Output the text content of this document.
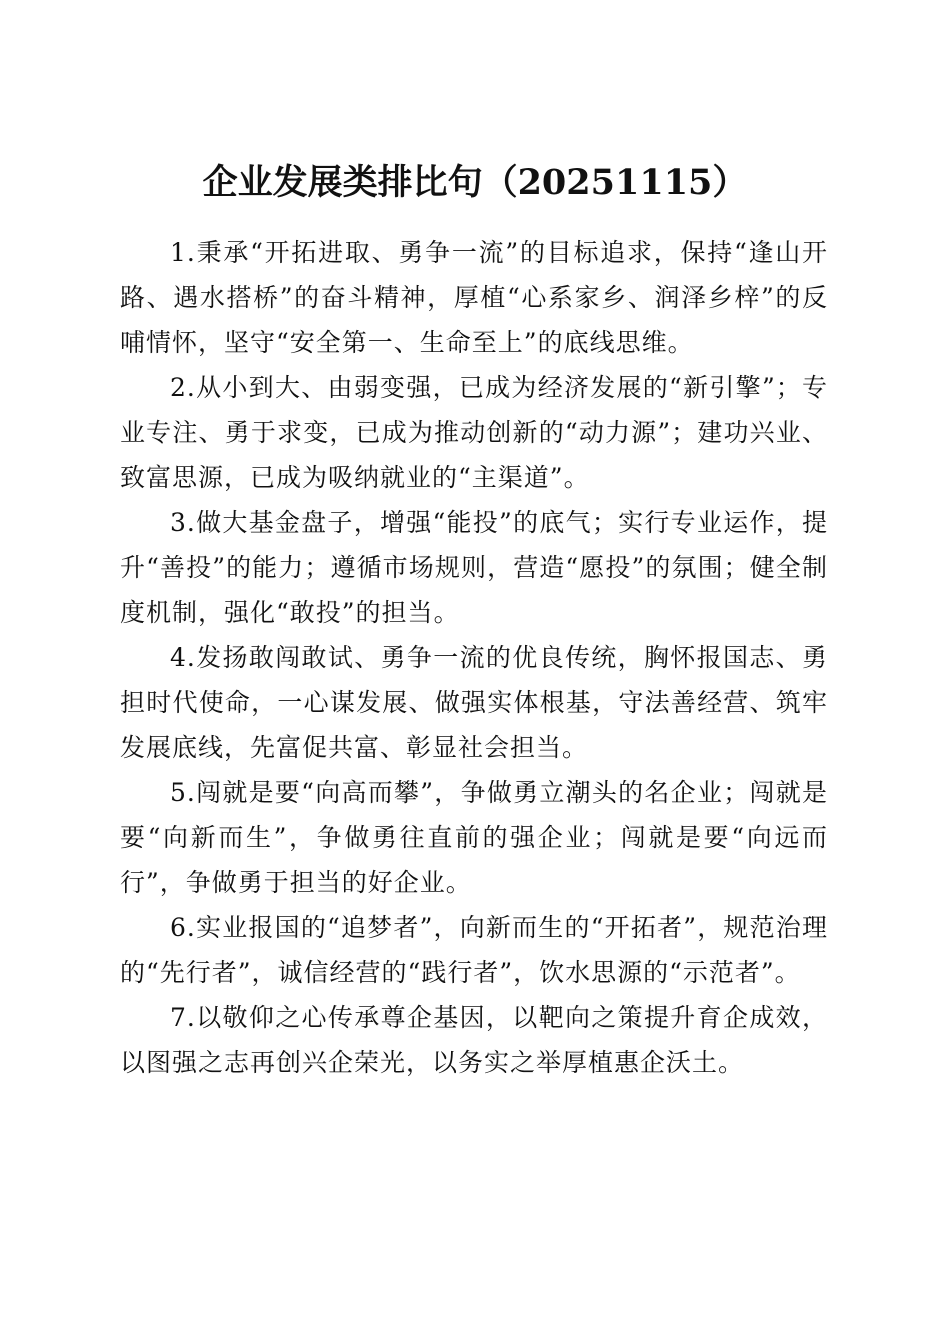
企业发展类排比句（20251115）

1.秉承“开拓进取、勇争一流”的目标追求，保持“逢山开路、遇水搭桥”的奋斗精神，厚植“心系家乡、润泽乡梓”的反哺情怀，坚守“安全第一、生命至上”的底线思维。

2.从小到大、由弱变强，已成为经济发展的“新引擎”；专业专注、勇于求变，已成为推动创新的“动力源”；建功兴业、致富思源，已成为吸纳就业的“主渠道”。

3.做大基金盘子，增强“能投”的底气；实行专业运作，提升“善投”的能力；遵循市场规则，营造“愿投”的氛围；健全制度机制，强化“敢投”的担当。

4.发扬敢闯敢试、勇争一流的优良传统，胸怀报国志、勇担时代使命，一心谋发展、做强实体根基，守法善经营、筑牢发展底线，先富促共富、彰显社会担当。

5.闯就是要“向高而攀”，争做勇立潮头的名企业；闯就是要“向新而生”，争做勇往直前的强企业；闯就是要“向远而行”，争做勇于担当的好企业。

6.实业报国的“追梦者”，向新而生的“开拓者”，规范治理的“先行者”，诚信经营的“践行者”，饮水思源的“示范者”。

7.以敬仰之心传承尊企基因，以靶向之策提升育企成效，以图强之志再创兴企荣光，以务实之举厚植惠企沃土。
